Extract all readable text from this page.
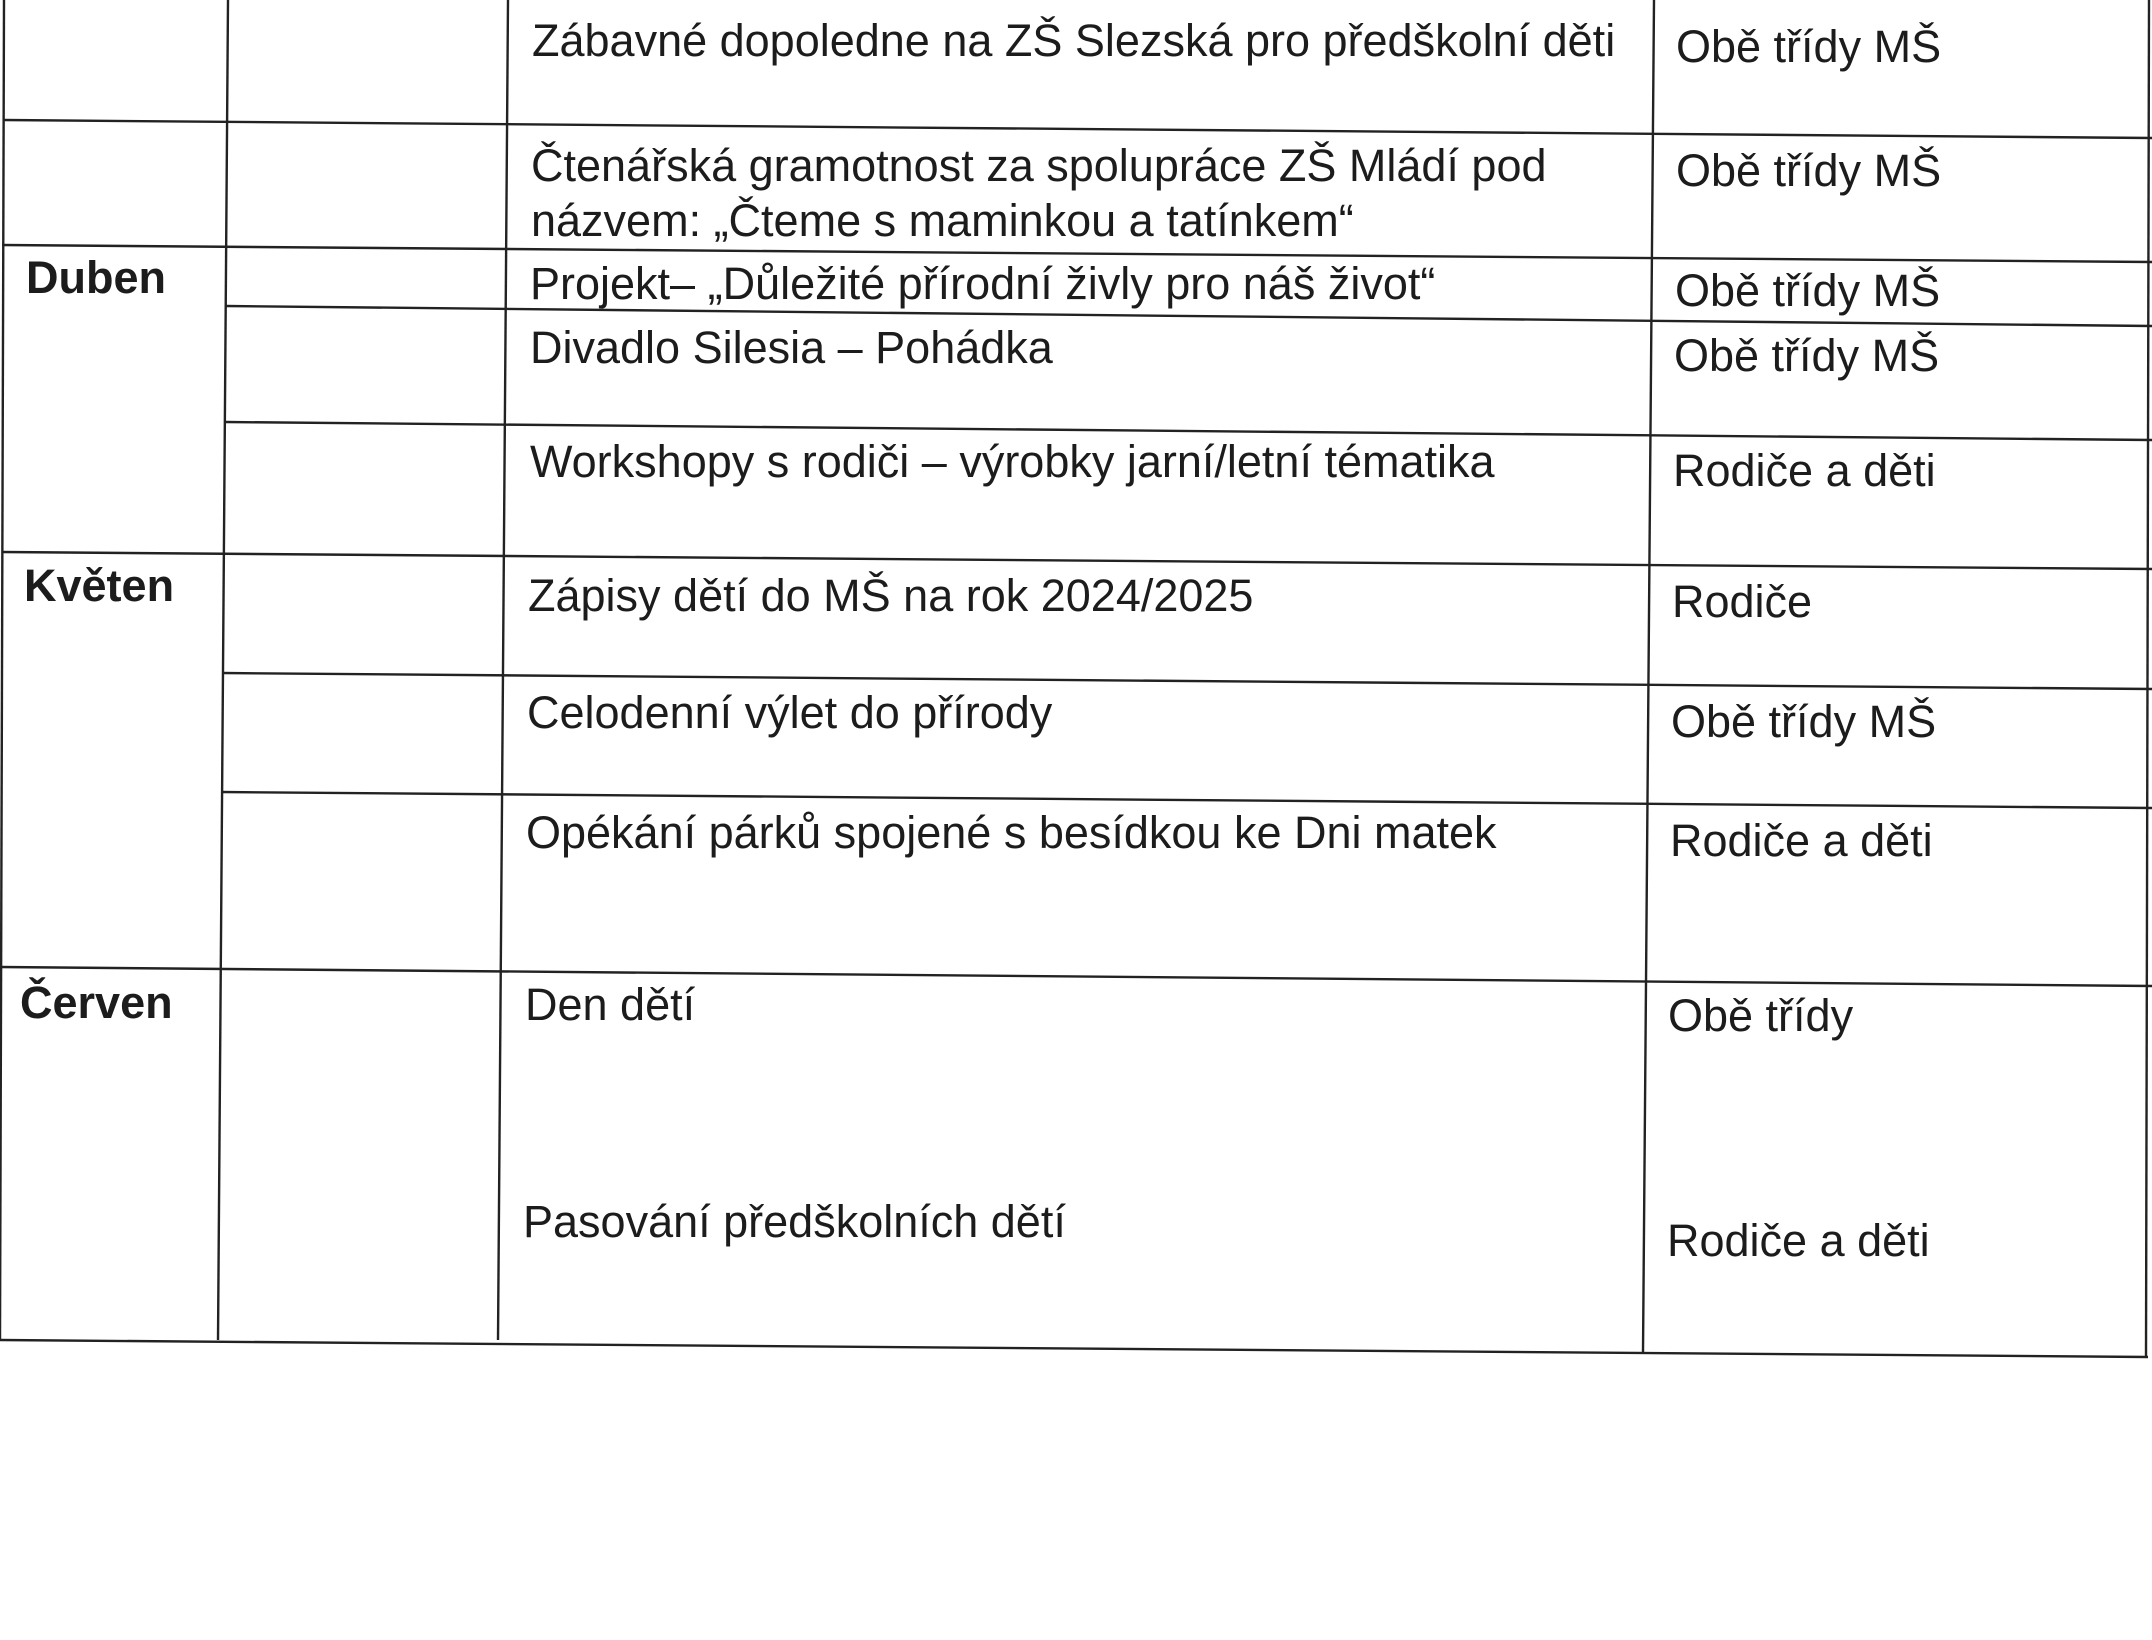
Zábavné dopoledne na ZŠ Slezská pro předškolní děti Obě třídy MŠ
Čtenářská gramotnost za spolupráce ZŠ Mládí pod
názvem: „Čteme s maminkou a tatínkem“
Obě třídy MŠ
Duben	Projekt– „Důležité přírodní živly pro náš život“	Obě třídy MŠ
Divadlo Silesia – Pohádka	Obě třídy MŠ
Workshopy s rodiči – výrobky jarní/letní tématika	Rodiče a děti
Květen	Zápisy dětí do MŠ na rok 2024/2025	Rodiče
Celodenní výlet do přírody	Obě třídy MŠ
Opékání párků spojené s besídkou ke Dni matek	Rodiče a děti
Červen	Den dětí	Obě třídy
Pasování předškolních dětí	Rodiče a děti
